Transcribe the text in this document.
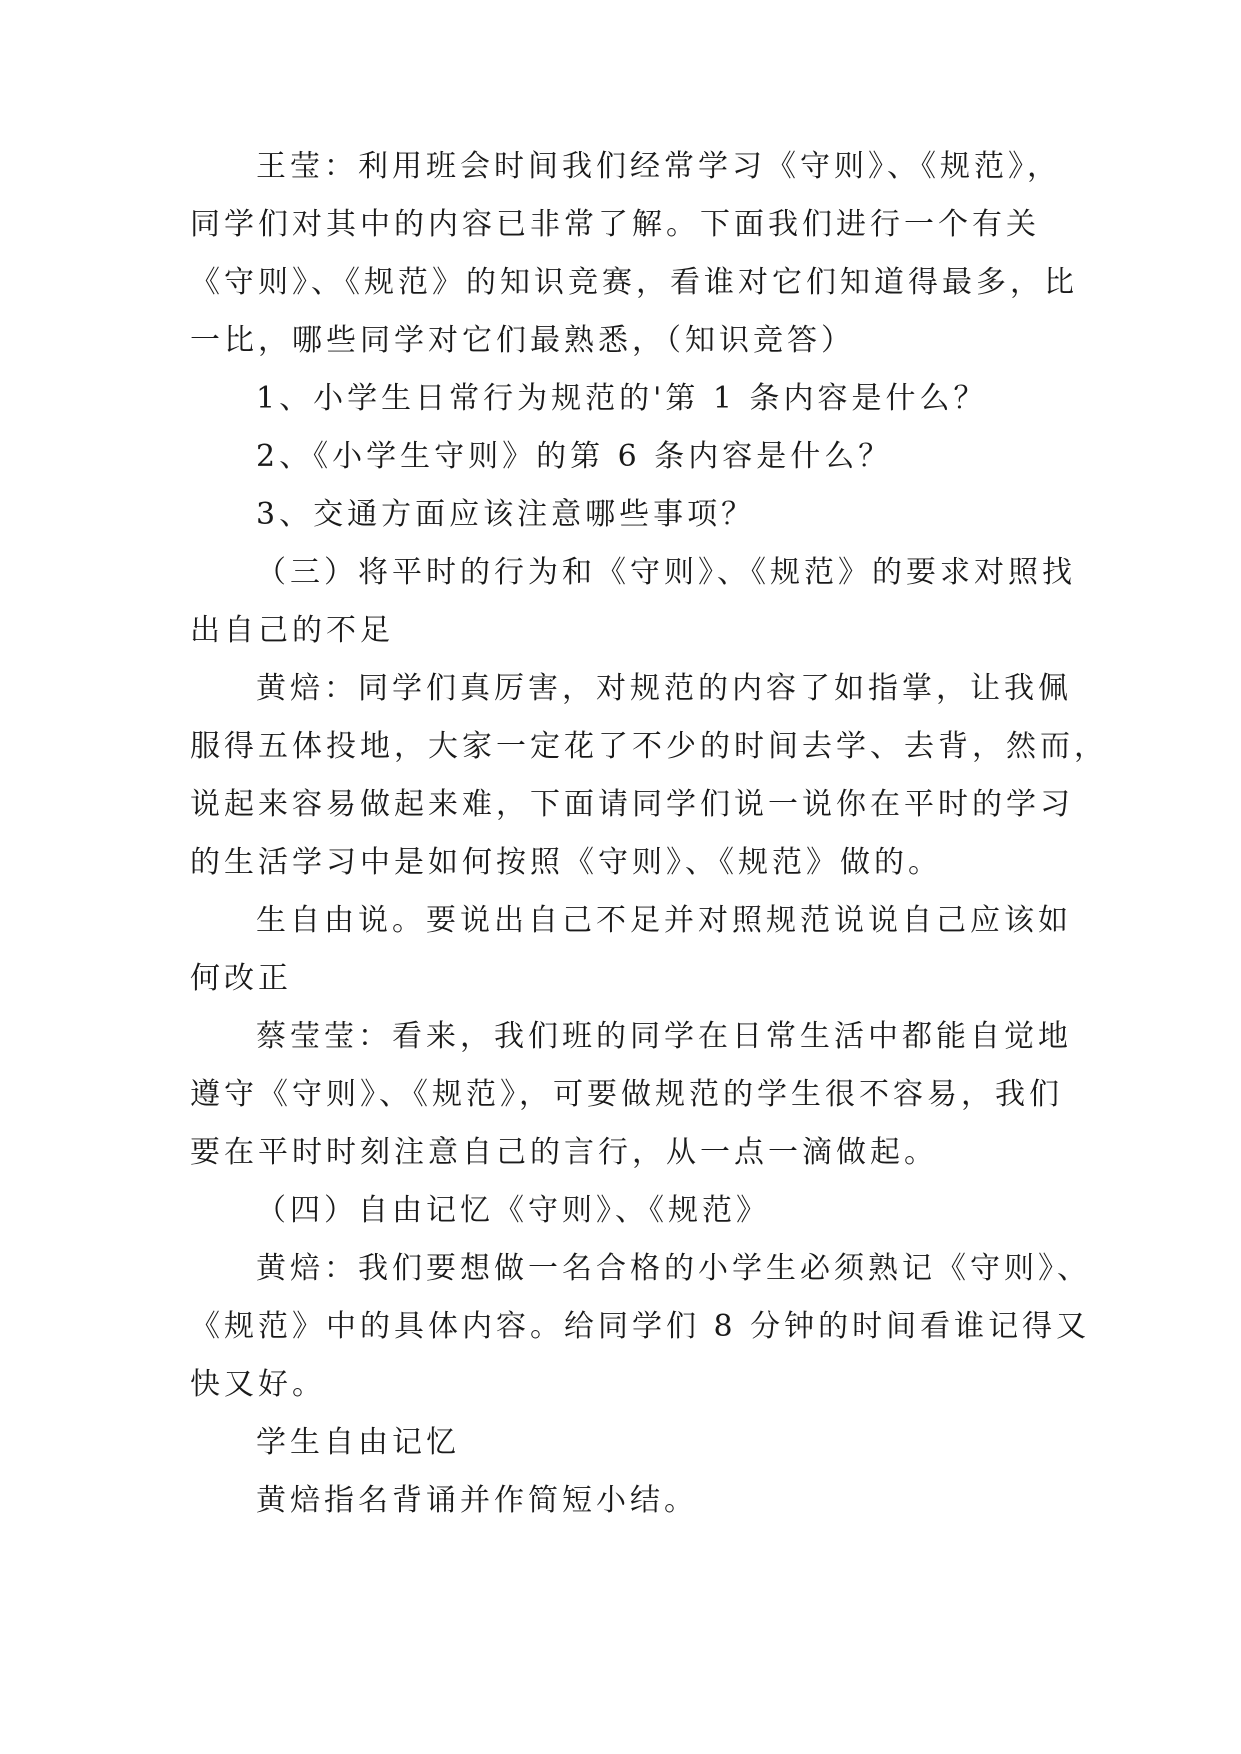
王莹：利用班会时间我们经常学习《守则》、《规范》，
同学们对其中的内容已非常了解。下面我们进行一个有关
《守则》、《规范》的知识竞赛，看谁对它们知道得最多，比
一比，哪些同学对它们最熟悉，（知识竞答）
1、小学生日常行为规范的'第 1 条内容是什么？
2、《小学生守则》的第 6 条内容是什么？
3、交通方面应该注意哪些事项？
（三）将平时的行为和《守则》、《规范》的要求对照找
出自己的不足
黄焙：同学们真厉害，对规范的内容了如指掌，让我佩
服得五体投地，大家一定花了不少的时间去学、去背，然而，
说起来容易做起来难，下面请同学们说一说你在平时的学习
的生活学习中是如何按照《守则》、《规范》做的。
生自由说。要说出自己不足并对照规范说说自己应该如
何改正
蔡莹莹：看来，我们班的同学在日常生活中都能自觉地
遵守《守则》、《规范》，可要做规范的学生很不容易，我们
要在平时时刻注意自己的言行，从一点一滴做起。
（四）自由记忆《守则》、《规范》
黄焙：我们要想做一名合格的小学生必须熟记《守则》、
《规范》中的具体内容。给同学们 8 分钟的时间看谁记得又
快又好。
学生自由记忆
黄焙指名背诵并作简短小结。
